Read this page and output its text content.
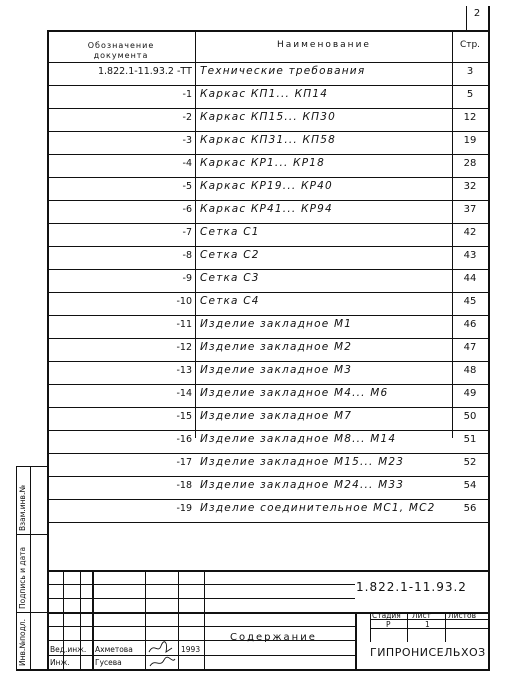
2
Обозначение
документа
Наименование	Стр.
1.822.1-11.93.2 -ТТ Технические требования	3
-1 Каркас КП1... КП14	5
-2 Каркас КП15... КП30	12
-3 Каркас КП31... КП58	19
-4 Каркас КР1... КР18	28
-5 Каркас КР19... КР40	32
-6 Каркас КР41... КР94	37
-7 Сетка С1	42
-8 Сетка С2	43
-9 Сетка С3	44
-10 Сетка С4	45
-11 Изделие закладное М1	46
-12 Изделие закладное М2	47
-13 Изделие закладное М3	48
-14 Изделие закладное М4... М6	49
-15 Изделие закладное М7	50
-16 Изделие закладное М8... М14	51
-17 Изделие закладное М15... М23	52
-18 Изделие закладное М24... М33	54
-19 Изделие соединительное МС1, МС2	56
Взам.инв.№
Подпись и дата
Инв.№подл.
1.822.1-11.93.2
Содержание
Стадия Лист Листов
Р	1
ГИПРОНИСЕЛЬХОЗ
Вед.инж. Ахметова	1993
Инж.	Гусева
